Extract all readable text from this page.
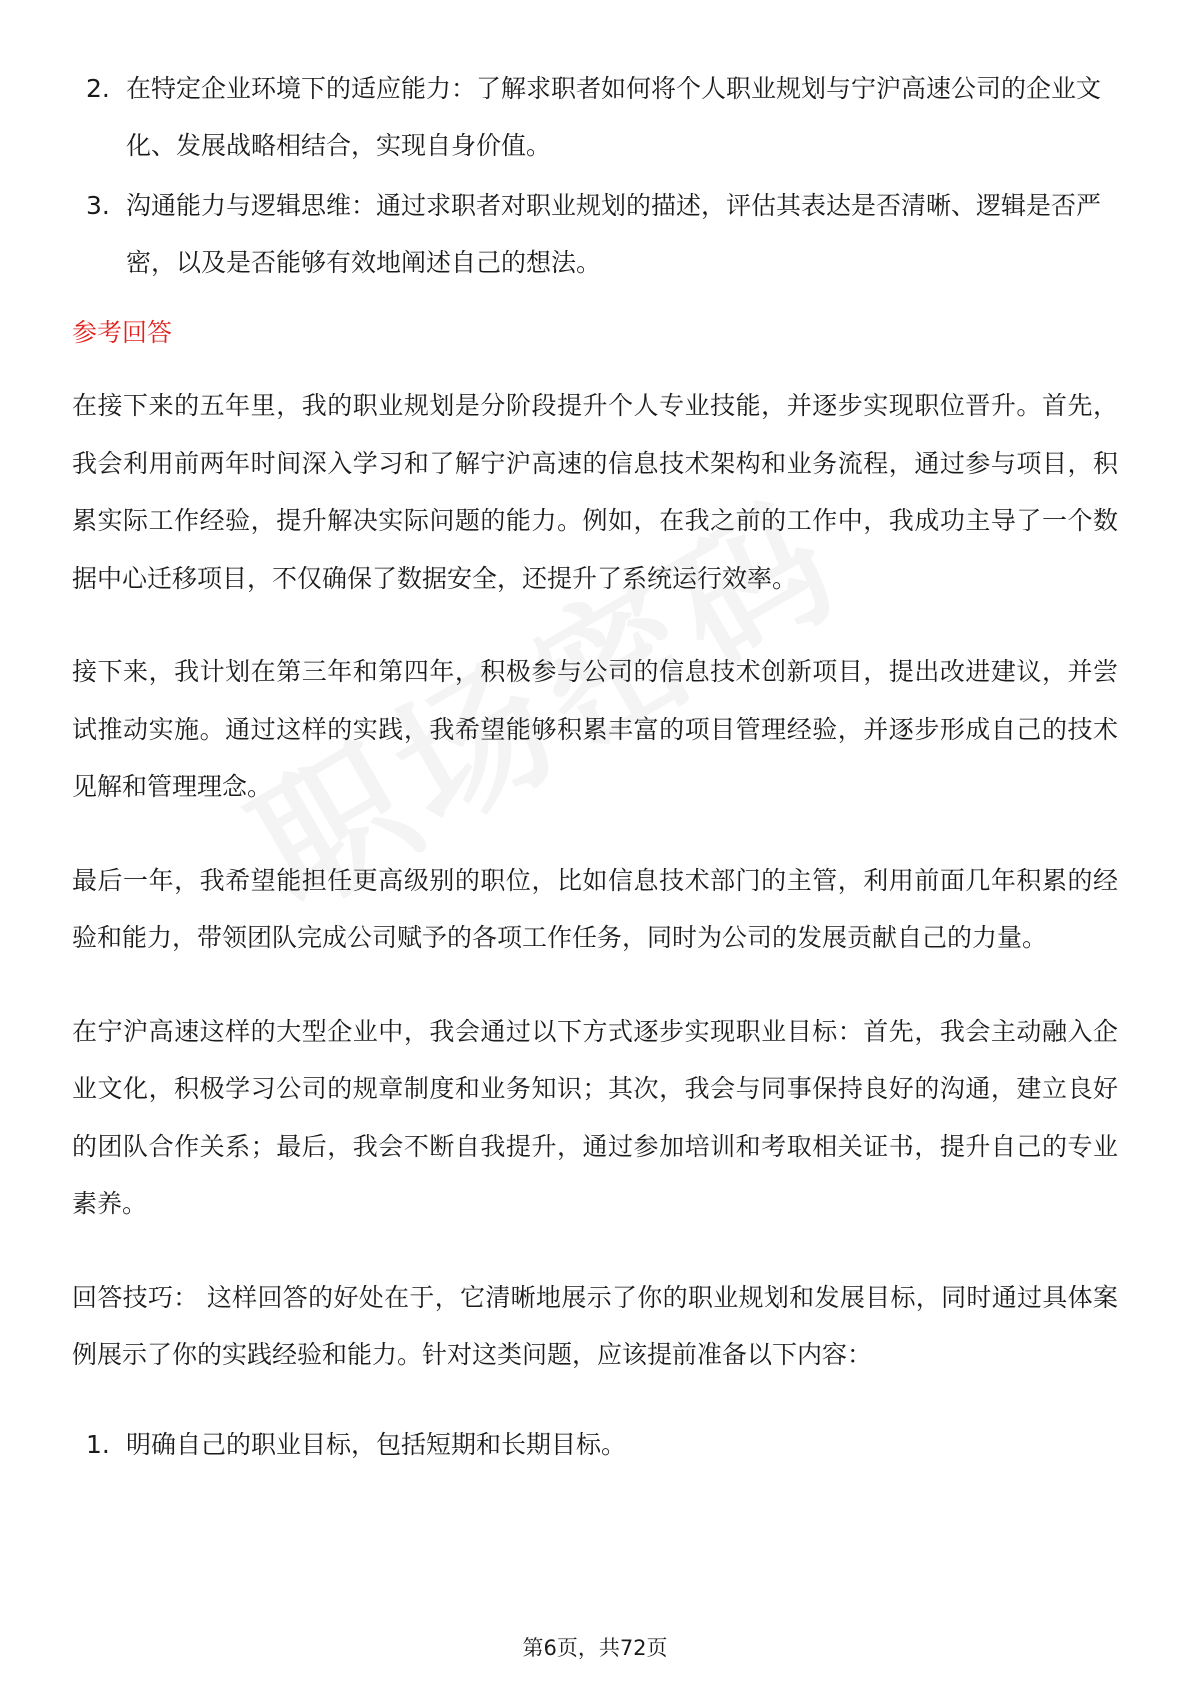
2. 在特定企业环境下的适应能力：了解求职者如何将个人职业规划与宁沪高速公司的企业文化、发展战略相结合，实现自身价值。
3. 沟通能力与逻辑思维：通过求职者对职业规划的描述，评估其表达是否清晰、逻辑是否严密，以及是否能够有效地阐述自己的想法。
参考回答

在接下来的五年里，我的职业规划是分阶段提升个人专业技能，并逐步实现职位晋升。首先，我会利用前两年时间深入学习和了解宁沪高速的信息技术架构和业务流程，通过参与项目，积累实际工作经验，提升解决实际问题的能力。例如，在我之前的工作中，我成功主导了一个数据中心迁移项目，不仅确保了数据安全，还提升了系统运行效率。

接下来，我计划在第三年和第四年，积极参与公司的信息技术创新项目，提出改进建议，并尝试推动实施。通过这样的实践，我希望能够积累丰富的项目管理经验，并逐步形成自己的技术见解和管理理念。

最后一年，我希望能担任更高级别的职位，比如信息技术部门的主管，利用前面几年积累的经验和能力，带领团队完成公司赋予的各项工作任务，同时为公司的发展贡献自己的力量。

在宁沪高速这样的大型企业中，我会通过以下方式逐步实现职业目标：首先，我会主动融入企业文化，积极学习公司的规章制度和业务知识；其次，我会与同事保持良好的沟通，建立良好的团队合作关系；最后，我会不断自我提升，通过参加培训和考取相关证书，提升自己的专业素养。

回答技巧： 这样回答的好处在于，它清晰地展示了你的职业规划和发展目标，同时通过具体案例展示了你的实践经验和能力。针对这类问题，应该提前准备以下内容：

1. 明确自己的职业目标，包括短期和长期目标。
第6页，共72页
